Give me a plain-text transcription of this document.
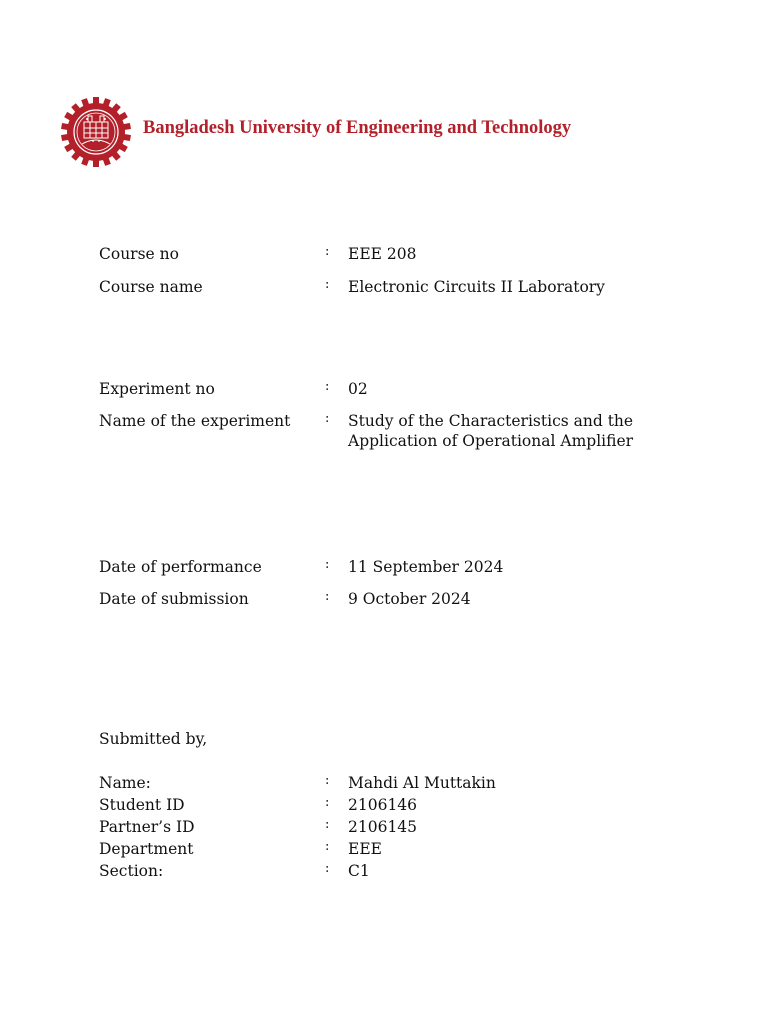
Bangladesh University of Engineering and Technology
Course no	: EEE 208
Course name	: Electronic Circuits II Laboratory
Experiment no	: 02
Name of the experiment	: Study of the Characteristics and the
Application of Operational Amplifier
Date of performance	: 11 September 2024
Date of submission	: 9 October 2024
Submitted by,
Name:	: Mahdi Al Muttakin
Student ID	: 2106146
Partner’s ID	: 2106145
Department	: EEE
Section:	: C1
